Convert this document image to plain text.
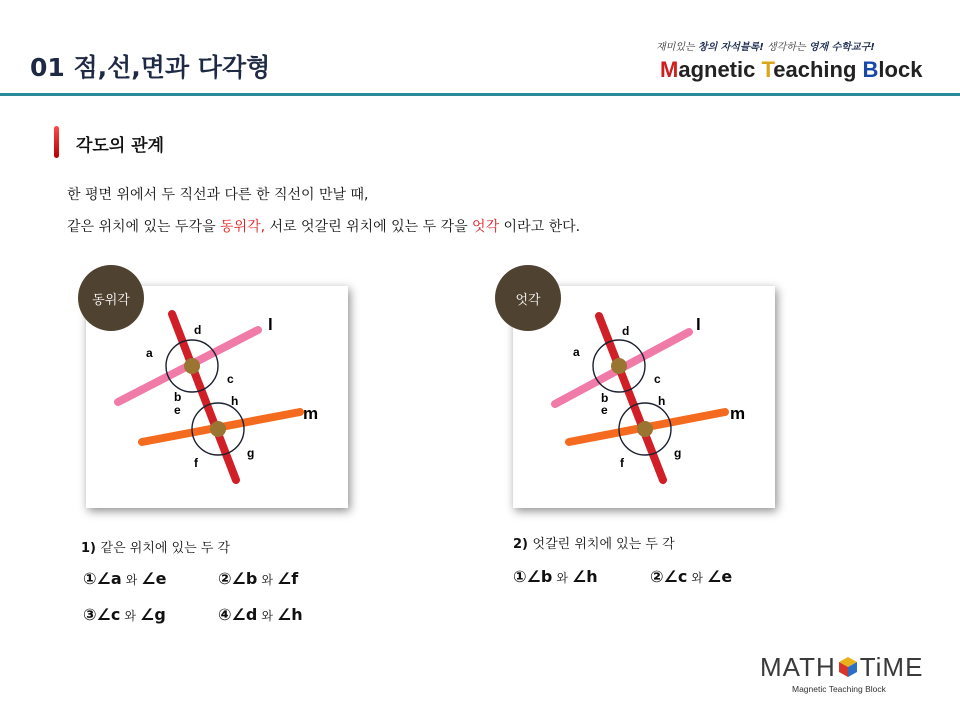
01 점,선,면과 다각형
재미있는 창의 자석블록! 생각하는 영재 수학교구!
Magnetic Teaching Block
각도의 관계
한 평면 위에서 두 직선과 다른 한 직선이 만날 때,
같은 위치에 있는 두각을 동위각, 서로 엇갈린 위치에 있는 두 각을 엇각 이라고 한다.
d
a
c
b
e
h
f
g
l
m
동위각
1) 같은 위치에 있는 두 각
①∠a 와 ∠e	②∠b 와 ∠f
③∠c 와 ∠g	④∠d 와 ∠h
d
a
c
b
e
h
f
g
l
m
엇각
2) 엇갈린 위치에 있는 두 각
①∠b 와 ∠h	②∠c 와 ∠e
MATH TiME
Magnetic Teaching Block
